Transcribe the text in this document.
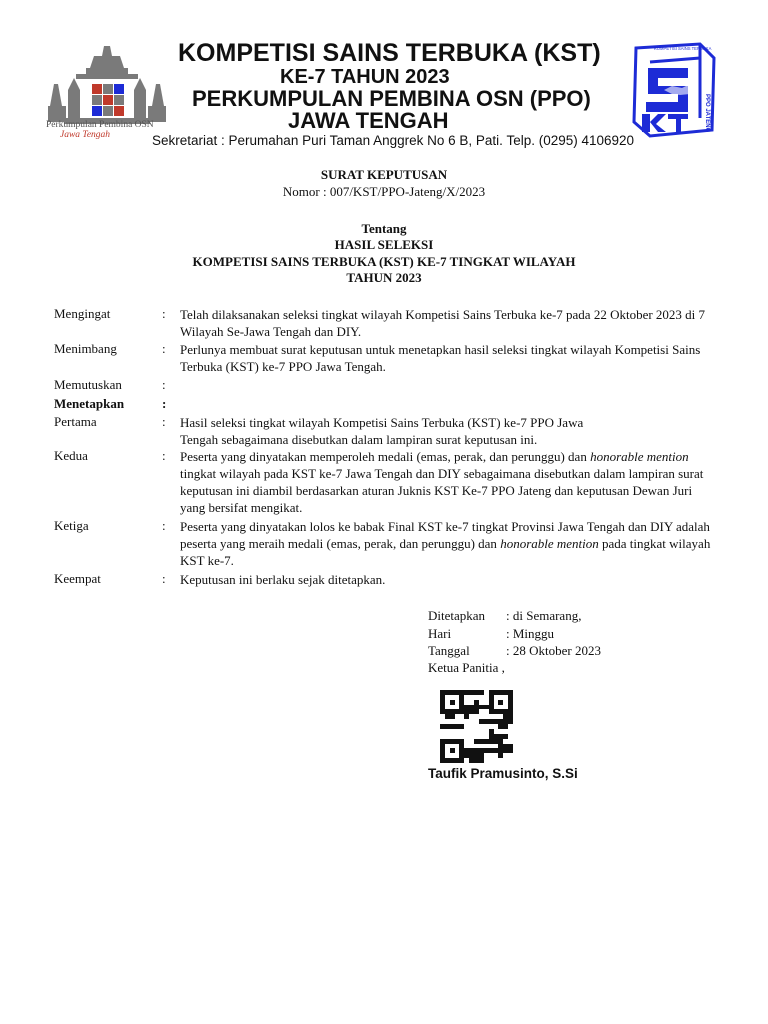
Perkumpulan Pembina OSN
Jawa Tengah
KOMPETISI SAINS TERBUKA (KST)
KE-7 TAHUN 2023
PERKUMPULAN PEMBINA OSN (PPO)
JAWA TENGAH
Sekretariat : Perumahan Puri Taman Anggrek No 6 B, Pati. Telp. (0295) 4106920
KOMPETISI SAINS TERBUKA
PPO JATENG
SURAT KEPUTUSAN
Nomor : 007/KST/PPO-Jateng/X/2023
Tentang
HASIL SELEKSI
KOMPETISI SAINS TERBUKA (KST) KE-7 TINGKAT WILAYAH
TAHUN 2023
Mengingat	: Telah dilaksanakan seleksi tingkat wilayah Kompetisi Sains Terbuka ke-7 pada 22 Oktober 2023 di 7 Wilayah Se-Jawa Tengah dan DIY.
Menimbang	: Perlunya membuat surat keputusan untuk menetapkan hasil seleksi tingkat wilayah Kompetisi Sains Terbuka (KST) ke-7 PPO Jawa Tengah.
Memutuskan	:
Menetapkan	:
Pertama	: Hasil seleksi tingkat wilayah Kompetisi Sains Terbuka (KST) ke-7 PPO Jawa Tengah sebagaimana disebutkan dalam lampiran surat keputusan ini.
Kedua	: Peserta yang dinyatakan memperoleh medali (emas, perak, dan perunggu) dan honorable mention tingkat wilayah pada KST ke-7 Jawa Tengah dan DIY sebagaimana disebutkan dalam lampiran surat keputusan ini diambil berdasarkan aturan Juknis KST Ke-7 PPO Jateng dan keputusan Dewan Juri yang bersifat mengikat.
Ketiga	: Peserta yang dinyatakan lolos ke babak Final KST ke-7 tingkat Provinsi Jawa Tengah dan DIY adalah peserta yang meraih medali (emas, perak, dan perunggu) dan honorable mention pada tingkat wilayah KST ke-7.
Keempat	: Keputusan ini berlaku sejak ditetapkan.
Ditetapkan : di Semarang,
Hari	: Minggu
Tanggal	: 28 Oktober 2023
Ketua Panitia ,
Taufik Pramusinto, S.Si
